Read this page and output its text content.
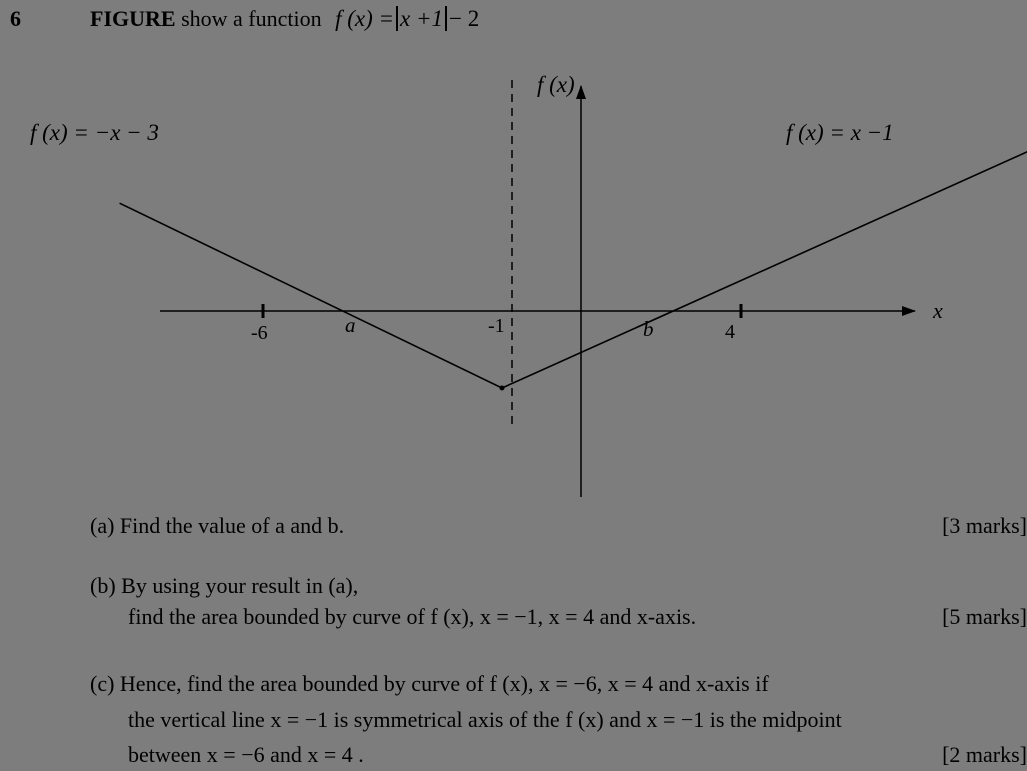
6	FIGURE show a function f (x) = x +1 − 2
-6	a	-1	b	4
f (x)
x
f (x) = −x − 3	f (x) = x −1
(a) Find the value of a and b.	[3 marks]
(b) By using your result in (a),
find the area bounded by curve of f (x), x = −1, x = 4 and x-axis.	[5 marks]
(c) Hence, find the area bounded by curve of f (x), x = −6, x = 4 and x-axis if
the vertical line x = −1 is symmetrical axis of the f (x) and x = −1 is the midpoint
between x = −6 and x = 4 .	[2 marks]
